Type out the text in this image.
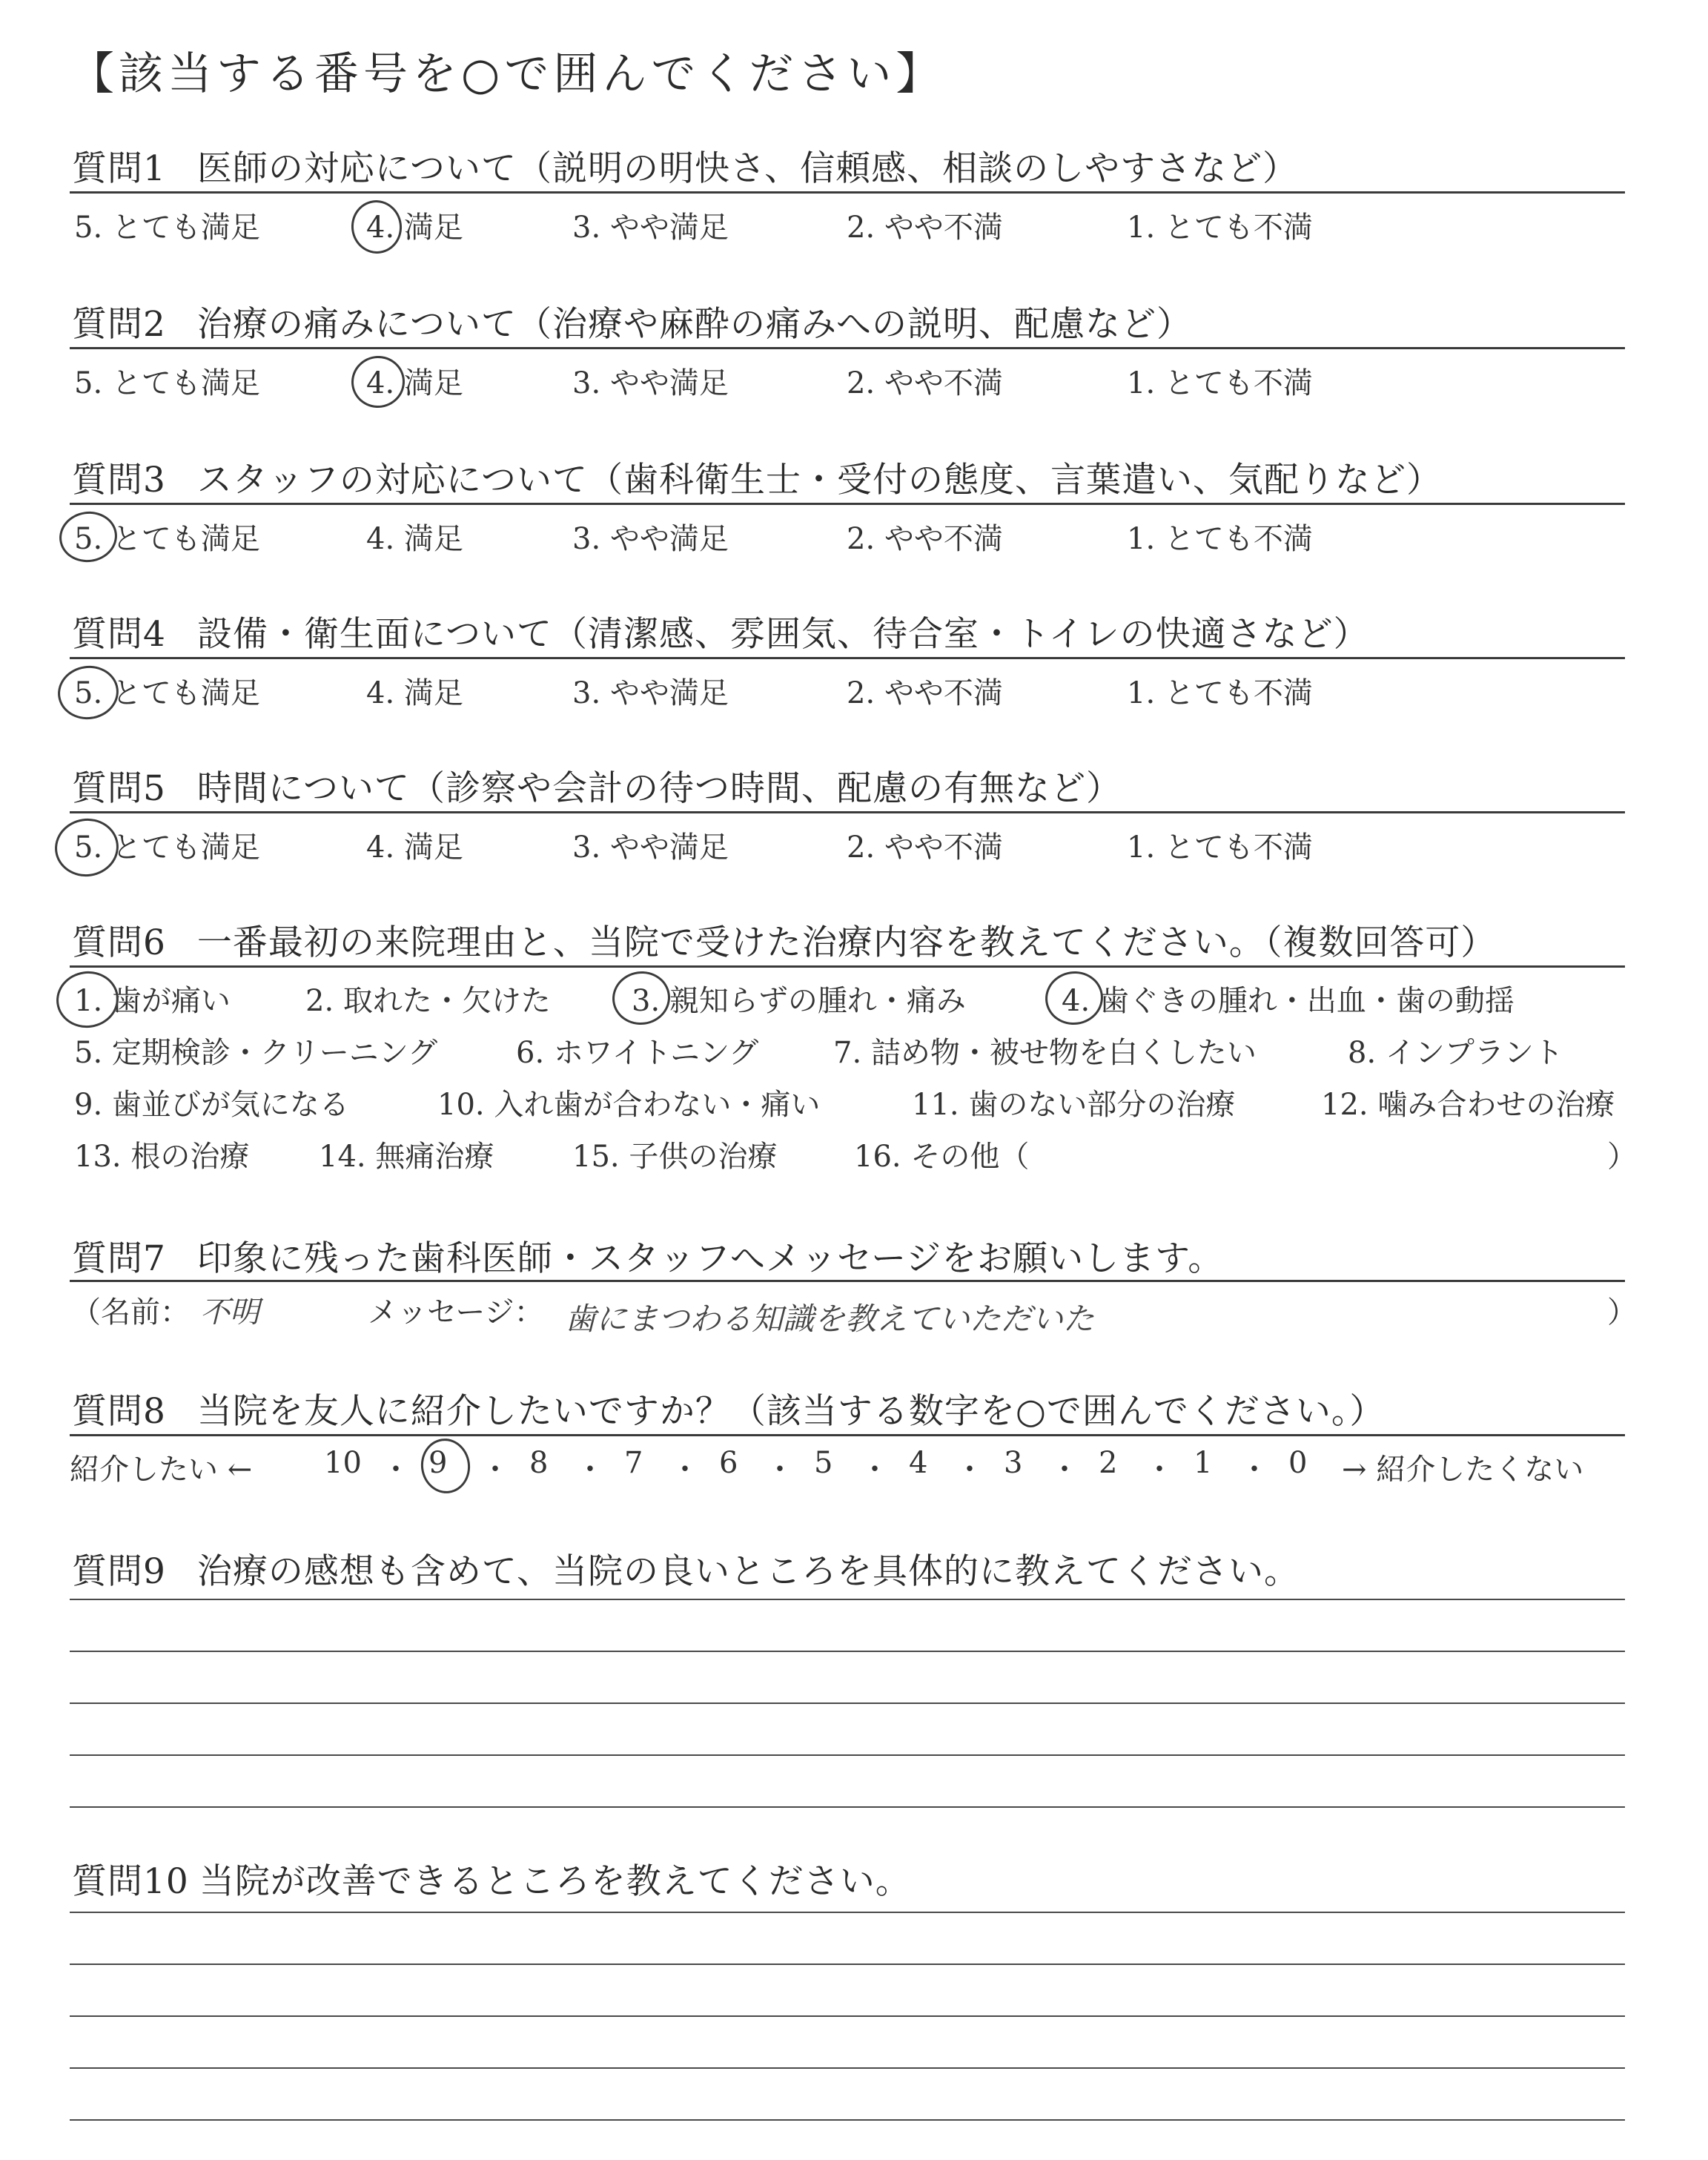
【該当する番号を○で囲んでください】
質問1 医師の対応について（説明の明快さ、信頼感、相談のしやすさなど）
5. とても満足	4. 満足	3. やや満足	2. やや不満	1. とても不満
質問2 治療の痛みについて（治療や麻酔の痛みへの説明、配慮など）
5. とても満足	4. 満足	3. やや満足	2. やや不満	1. とても不満
質問3 スタッフの対応について（歯科衛生士・受付の態度、言葉遣い、気配りなど）
5. とても満足	4. 満足	3. やや満足	2. やや不満	1. とても不満
質問4 設備・衛生面について（清潔感、雰囲気、待合室・トイレの快適さなど）
5. とても満足	4. 満足	3. やや満足	2. やや不満	1. とても不満
質問5 時間について（診察や会計の待つ時間、配慮の有無など）
5. とても満足	4. 満足	3. やや満足	2. やや不満	1. とても不満
質問6 一番最初の来院理由と、当院で受けた治療内容を教えてください。（複数回答可）
1. 歯が痛い	2. 取れた・欠けた	3. 親知らずの腫れ・痛み	4. 歯ぐきの腫れ・出血・歯の動揺
5. 定期検診・クリーニング	6. ホワイトニング	7. 詰め物・被せ物を白くしたい	8. インプラント
9. 歯並びが気になる	10. 入れ歯が合わない・痛い	11. 歯のない部分の治療	12. 噛み合わせの治療
13. 根の治療 14. 無痛治療	15. 子供の治療	16. その他（	）
質問7 印象に残った歯科医師・スタッフへメッセージをお願いします。
（名前： 不明	メッセージ： 歯にまつわる知識を教えていただいた	）
質問8 当院を友人に紹介したいですか？（該当する数字を○で囲んでください。）
紹介したい ←	→ 紹介したくない
10 9	8	7	6	5	4	3	2	1	0
・ ・ ・ ・ ・ ・ ・ ・ ・ ・
質問9 治療の感想も含めて、当院の良いところを具体的に教えてください。
質問10 当院が改善できるところを教えてください。
